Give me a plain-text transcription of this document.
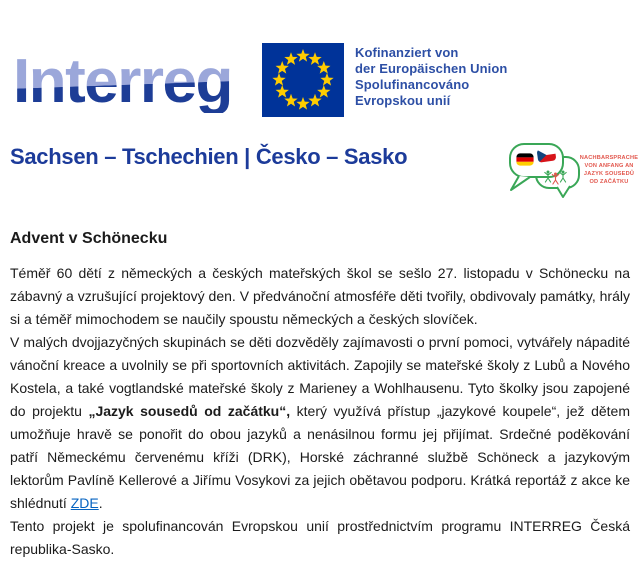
Interreg	Kofinanziert von
der Europäischen Union
Spolufinancováno
Evropskou unií
Sachsen – Tschechien | Česko – Sasko	NACHBARSPRACHE
VON ANFANG AN
JAZYK SOUSEDŮ
OD ZAČÁTKU
Advent v Schönecku

Téměř 60 dětí z německých a českých mateřských škol se sešlo 27. listopadu v Schönecku na zábavný a vzrušující projektový den. V předvánoční atmosféře děti tvořily, obdivovaly památky, hrály si a téměř mimochodem se naučily spoustu německých a českých slovíček.

V malých dvojjazyčných skupinách se děti dozvěděly zajímavosti o první pomoci, vytvářely nápadité vánoční kreace a uvolnily se při sportovních aktivitách. Zapojily se mateřské školy z Lubů a Nového Kostela, a také vogtlandské mateřské školy z Marieney a Wohlhausenu. Tyto školky jsou zapojené do projektu „Jazyk sousedů od začátku“, který využívá přístup „jazykové koupele“, jež dětem umožňuje hravě se ponořit do obou jazyků a nenásilnou formu jej přijímat. Srdečné poděkování patří Německému červenému kříži (DRK), Horské záchranné službě Schöneck a jazykovým lektorům Pavlíně Kellerové a Jiřímu Vosykovi za jejich obětavou podporu. Krátká reportáž z akce ke shlédnutí ZDE.

Tento projekt je spolufinancován Evropskou unií prostřednictvím programu INTERREG Česká republika-Sasko.
